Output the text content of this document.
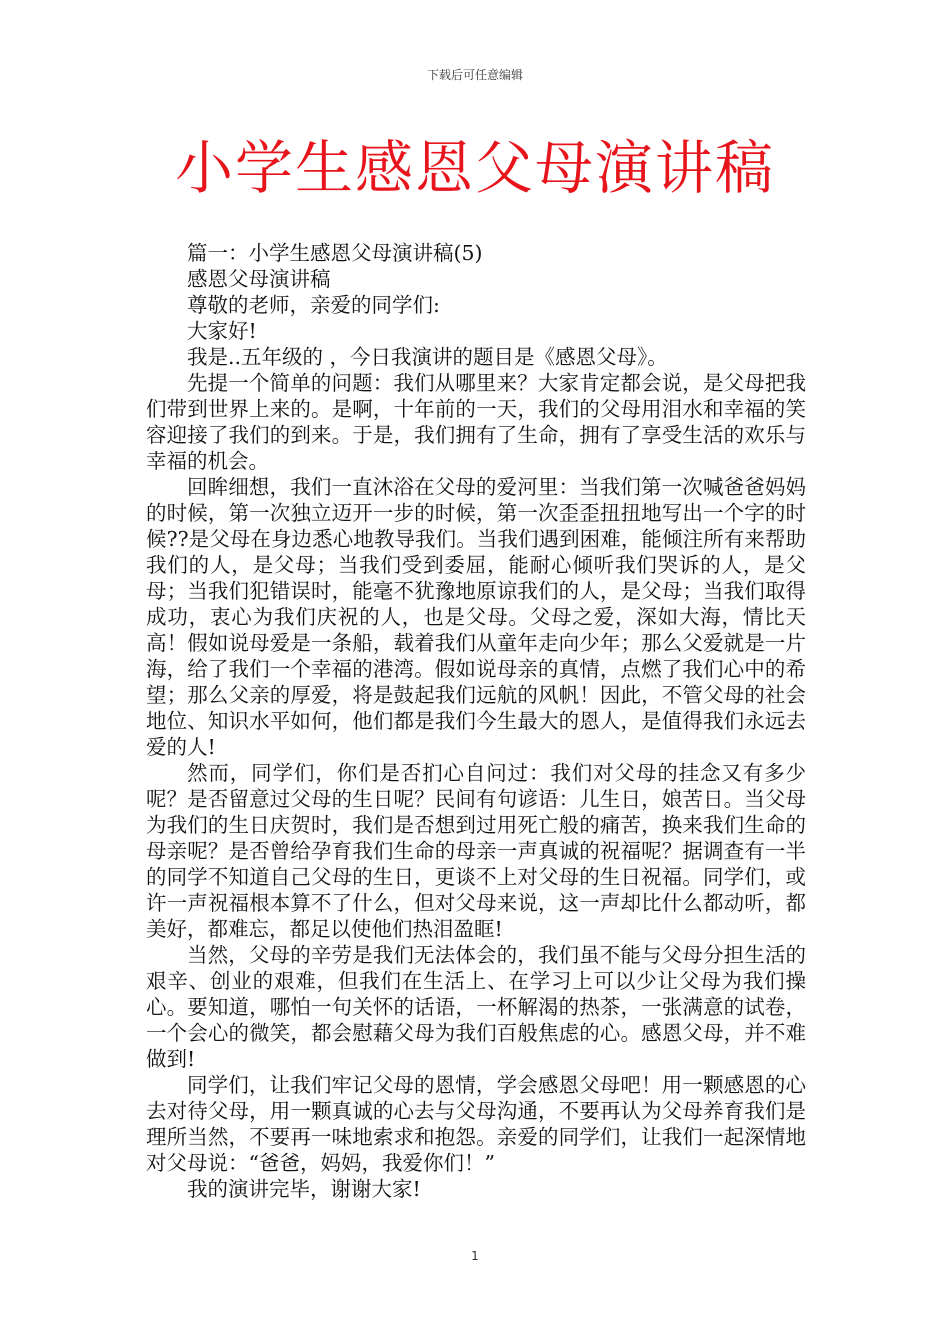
下载后可任意编辑
小学生感恩父母演讲稿

篇一：小学生感恩父母演讲稿(5)

感恩父母演讲稿

尊敬的老师，亲爱的同学们:

大家好!

我是..五年级的 ，今日我演讲的题目是《感恩父母》。

先提一个简单的问题：我们从哪里来？大家肯定都会说，是父母把我们带到世界上来的。是啊，十年前的一天，我们的父母用泪水和幸福的笑容迎接了我们的到来。于是，我们拥有了生命，拥有了享受生活的欢乐与幸福的机会。

回眸细想，我们一直沐浴在父母的爱河里：当我们第一次喊爸爸妈妈的时候，第一次独立迈开一步的时候，第一次歪歪扭扭地写出一个字的时候??是父母在身边悉心地教导我们。当我们遇到困难，能倾注所有来帮助我们的人，是父母；当我们受到委屈，能耐心倾听我们哭诉的人，是父母；当我们犯错误时，能毫不犹豫地原谅我们的人，是父母；当我们取得成功，衷心为我们庆祝的人，也是父母。父母之爱，深如大海，情比天高！假如说母爱是一条船，载着我们从童年走向少年；那么父爱就是一片海，给了我们一个幸福的港湾。假如说母亲的真情，点燃了我们心中的希望；那么父亲的厚爱，将是鼓起我们远航的风帆！因此，不管父母的社会地位、知识水平如何，他们都是我们今生最大的恩人，是值得我们永远去爱的人!

然而，同学们，你们是否扪心自问过：我们对父母的挂念又有多少呢？是否留意过父母的生日呢？民间有句谚语：儿生日，娘苦日。当父母为我们的生日庆贺时，我们是否想到过用死亡般的痛苦，换来我们生命的母亲呢？是否曾给孕育我们生命的母亲一声真诚的祝福呢？据调查有一半的同学不知道自己父母的生日，更谈不上对父母的生日祝福。同学们，或许一声祝福根本算不了什么，但对父母来说，这一声却比什么都动听，都美好，都难忘，都足以使他们热泪盈眶!

当然，父母的辛劳是我们无法体会的，我们虽不能与父母分担生活的艰辛、创业的艰难，但我们在生活上、在学习上可以少让父母为我们操心。要知道，哪怕一句关怀的话语，一杯解渴的热茶，一张满意的试卷，一个会心的微笑，都会慰藉父母为我们百般焦虑的心。感恩父母，并不难做到!

同学们，让我们牢记父母的恩情，学会感恩父母吧！用一颗感恩的心去对待父母，用一颗真诚的心去与父母沟通，不要再认为父母养育我们是理所当然，不要再一味地索求和抱怨。亲爱的同学们，让我们一起深情地对父母说：“爸爸，妈妈，我爱你们！”

我的演讲完毕，谢谢大家!

1
